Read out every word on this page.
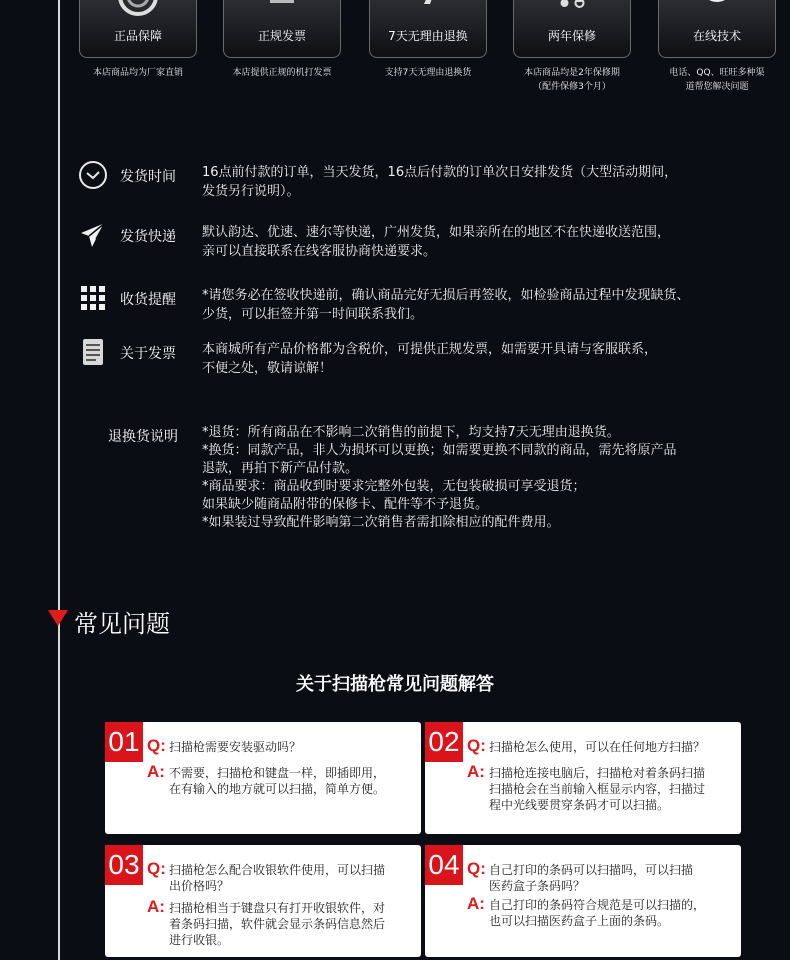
正品保障
本店商品均为厂家直销
正规发票
本店提供正规的机打发票
7天无理由退换
支持7天无理由退换货
两年保修
本店商品均是2年保修期
（配件保修3个月）
在线技术
电话、QQ、旺旺多种渠
道帮您解决问题
发货时间 16点前付款的订单，当天发货，16点后付款的订单次日安排发货（大型活动期间，
发货另行说明）。
发货快递 默认韵达、优速、速尔等快递，广州发货，如果亲所在的地区不在快递收送范围，
亲可以直接联系在线客服协商快递要求。
收货提醒 *请您务必在签收快递前，确认商品完好无损后再签收，如检验商品过程中发现缺货、
少货，可以拒签并第一时间联系我们。
关于发票 本商城所有产品价格都为含税价，可提供正规发票，如需要开具请与客服联系，
不便之处，敬请谅解！
退换货说明 *退货：所有商品在不影响二次销售的前提下，均支持7天无理由退换货。
*换货：同款产品，非人为损坏可以更换；如需要更换不同款的商品，需先将原产品
退款，再拍下新产品付款。
*商品要求：商品收到时要求完整外包装，无包装破损可享受退货；
如果缺少随商品附带的保修卡、配件等不予退货。
*如果装过导致配件影响第二次销售者需扣除相应的配件费用。
常见问题
关于扫描枪常见问题解答
01 Q: 扫描枪需要安装驱动吗？
A: 不需要，扫描枪和键盘一样，即插即用，
在有输入的地方就可以扫描，简单方便。
02 Q: 扫描枪怎么使用，可以在任何地方扫描？
A: 扫描枪连接电脑后，扫描枪对着条码扫描
扫描枪会在当前输入框显示内容，扫描过
程中光线要贯穿条码才可以扫描。
03 Q: 扫描枪怎么配合收银软件使用，可以扫描
出价格吗？
A: 扫描枪相当于键盘只有打开收银软件，对
着条码扫描，软件就会显示条码信息然后
进行收银。
04 Q: 自己打印的条码可以扫描吗，可以扫描
医药盒子条码吗？
A: 自己打印的条码符合规范是可以扫描的，
也可以扫描医药盒子上面的条码。
